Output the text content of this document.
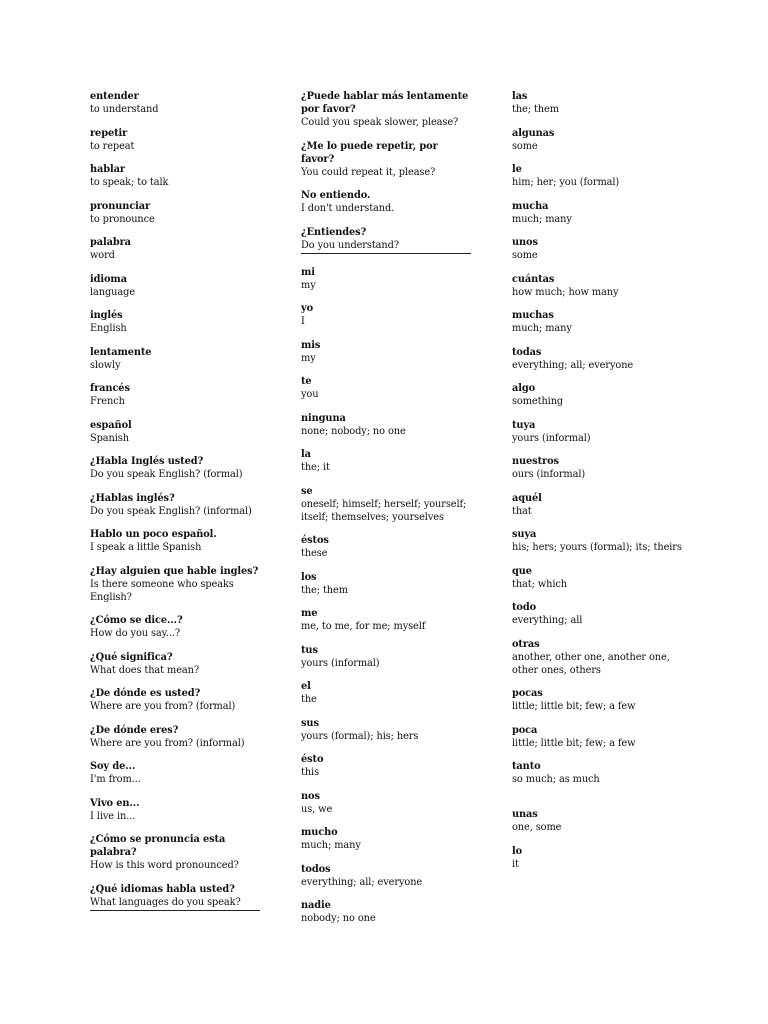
entender
to understand
repetir
to repeat
hablar
to speak; to talk
pronunciar
to pronounce
palabra
word
idioma
language
inglés
English
lentamente
slowly
francés
French
español
Spanish
¿Habla Inglés usted?
Do you speak English? (formal)
¿Hablas inglés?
Do you speak English? (informal)
Hablo un poco español.
I speak a little Spanish
¿Hay alguien que hable ingles?
Is there someone who speaks English?
¿Cómo se dice...?
How do you say...?
¿Qué significa?
What does that mean?
¿De dónde es usted?
Where are you from? (formal)
¿De dónde eres?
Where are you from? (informal)
Soy de...
I'm from...
Vivo en...
I live in...
¿Cómo se pronuncia esta palabra?
How is this word pronounced?
¿Qué idiomas habla usted?
What languages do you speak?
¿Puede hablar más lentamente por favor?
Could you speak slower, please?
¿Me lo puede repetir, por favor?
You could repeat it, please?
No entiendo.
I don't understand.
¿Entiendes?
Do you understand?
mi
my
yo
I
mis
my
te
you
ninguna
none; nobody; no one
la
the; it
se
oneself; himself; herself; yourself; itself; themselves; yourselves
éstos
these
los
the; them
me
me, to me, for me; myself
tus
yours (informal)
el
the
sus
yours (formal); his; hers
ésto
this
nos
us, we
mucho
much; many
todos
everything; all; everyone
nadie
nobody; no one
las
the; them
algunas
some
le
him; her; you (formal)
mucha
much; many
unos
some
cuántas
how much; how many
muchas
much; many
todas
everything; all; everyone
algo
something
tuya
yours (informal)
nuestros
ours (informal)
aquél
that
suya
his; hers; yours (formal); its; theirs
que
that; which
todo
everything; all
otras
another, other one, another one, other ones, others
pocas
little; little bit; few; a few
poca
little; little bit; few; a few
tanto
so much; as much
unas
one, some
lo
it
